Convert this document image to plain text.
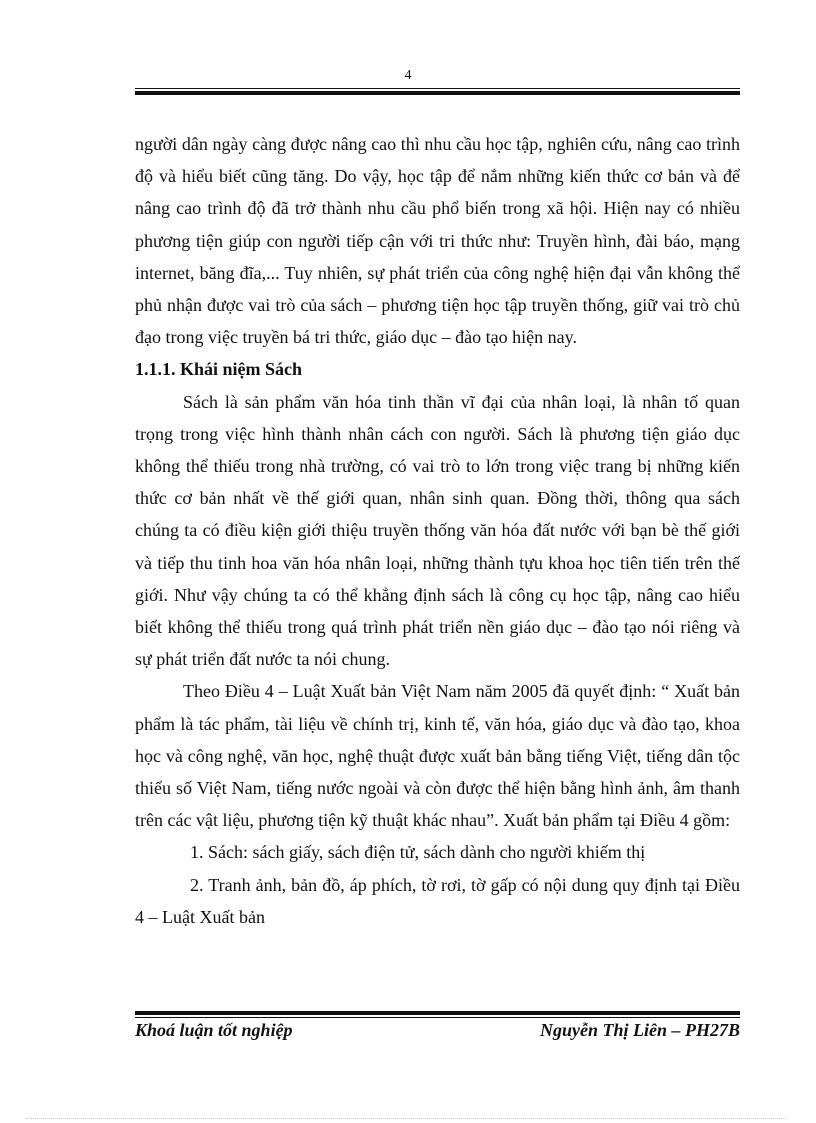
4

người dân ngày càng được nâng cao thì nhu cầu học tập, nghiên cứu, nâng cao trình độ và hiểu biết cũng tăng. Do vậy, học tập để nắm những kiến thức cơ bản và để nâng cao trình độ đã trở thành nhu cầu phổ biến trong xã hội. Hiện nay có nhiều phương tiện giúp con người tiếp cận với tri thức như: Truyền hình, đài báo, mạng internet, băng đĩa,... Tuy nhiên, sự phát triển của công nghệ hiện đại vẫn không thể phủ nhận được vai trò của sách – phương tiện học tập truyền thống, giữ vai trò chủ đạo trong việc truyền bá tri thức, giáo dục – đào tạo hiện nay.

1.1.1. Khái niệm Sách

Sách là sản phẩm văn hóa tinh thần vĩ đại của nhân loại, là nhân tố quan trọng trong việc hình thành nhân cách con người. Sách là phương tiện giáo dục không thể thiếu trong nhà trường, có vai trò to lớn trong việc trang bị những kiến thức cơ bản nhất về thế giới quan, nhân sinh quan. Đồng thời, thông qua sách chúng ta có điều kiện giới thiệu truyền thống văn hóa đất nước với bạn bè thế giới và tiếp thu tinh hoa văn hóa nhân loại, những thành tựu khoa học tiên tiến trên thế giới. Như vậy chúng ta có thể khẳng định sách là công cụ học tập, nâng cao hiểu biết không thể thiếu trong quá trình phát triển nền giáo dục – đào tạo nói riêng và sự phát triển đất nước ta nói chung.

Theo Điều 4 – Luật Xuất bản Việt Nam năm 2005 đã quyết định: “ Xuất bản phẩm là tác phẩm, tài liệu về chính trị, kinh tế, văn hóa, giáo dục và đào tạo, khoa học và công nghệ, văn học, nghệ thuật được xuất bản bằng tiếng Việt, tiếng dân tộc thiểu số Việt Nam, tiếng nước ngoài và còn được thể hiện bằng hình ảnh, âm thanh trên các vật liệu, phương tiện kỹ thuật khác nhau”. Xuất bản phẩm tại Điều 4 gồm:

1. Sách: sách giấy, sách điện tử, sách dành cho người khiếm thị

2. Tranh ảnh, bản đồ, áp phích, tờ rơi, tờ gấp có nội dung quy định tại Điều 4 – Luật Xuất bản

Khoá luận tốt nghiệp	Nguyễn Thị Liên – PH27B
